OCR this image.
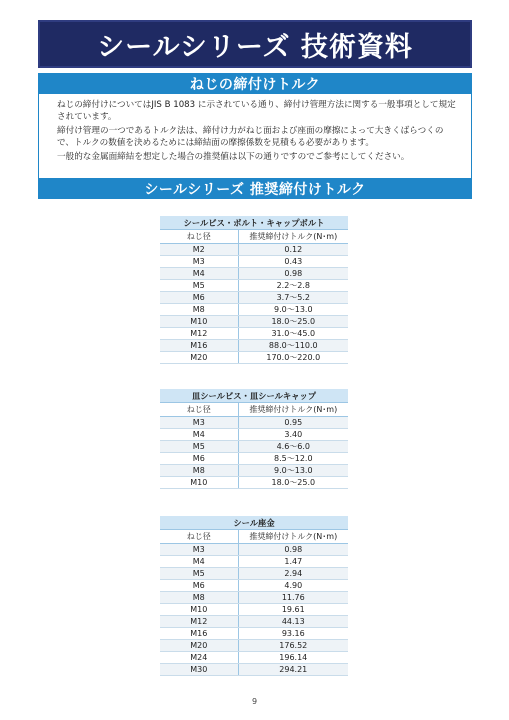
シールシリーズ 技術資料
ねじの締付けトルク

ねじの締付けについてはJIS B 1083 に示されている通り、締付け管理方法に関する一般事項として規定されています。

締付け管理の一つであるトルク法は、締付け力がねじ面および座面の摩擦によって大きくばらつくので、トルクの数値を決めるためには締結面の摩擦係数を見積もる必要があります。

一般的な金属面締結を想定した場合の推奨値は以下の通りですのでご参考にしてください。

シールシリーズ 推奨締付けトルク
シールビス・ボルト・キャップボルト	
ねじ径	推奨締付けトルク(N･m)
M2	0.12
M3	0.43
M4	0.98
M5	2.2～2.8
M6	3.7～5.2
M8	9.0～13.0
M10	18.0～25.0
M12	31.0～45.0
M16	88.0～110.0
M20	170.0～220.0
皿シールビス・皿シールキャップ	
ねじ径	推奨締付けトルク(N･m)
M3	0.95
M4	3.40
M5	4.6～6.0
M6	8.5～12.0
M8	9.0～13.0
M10	18.0～25.0
シール座金	
ねじ径	推奨締付けトルク(N･m)
M3	0.98
M4	1.47
M5	2.94
M6	4.90
M8	11.76
M10	19.61
M12	44.13
M16	93.16
M20	176.52
M24	196.14
M30	294.21
9
